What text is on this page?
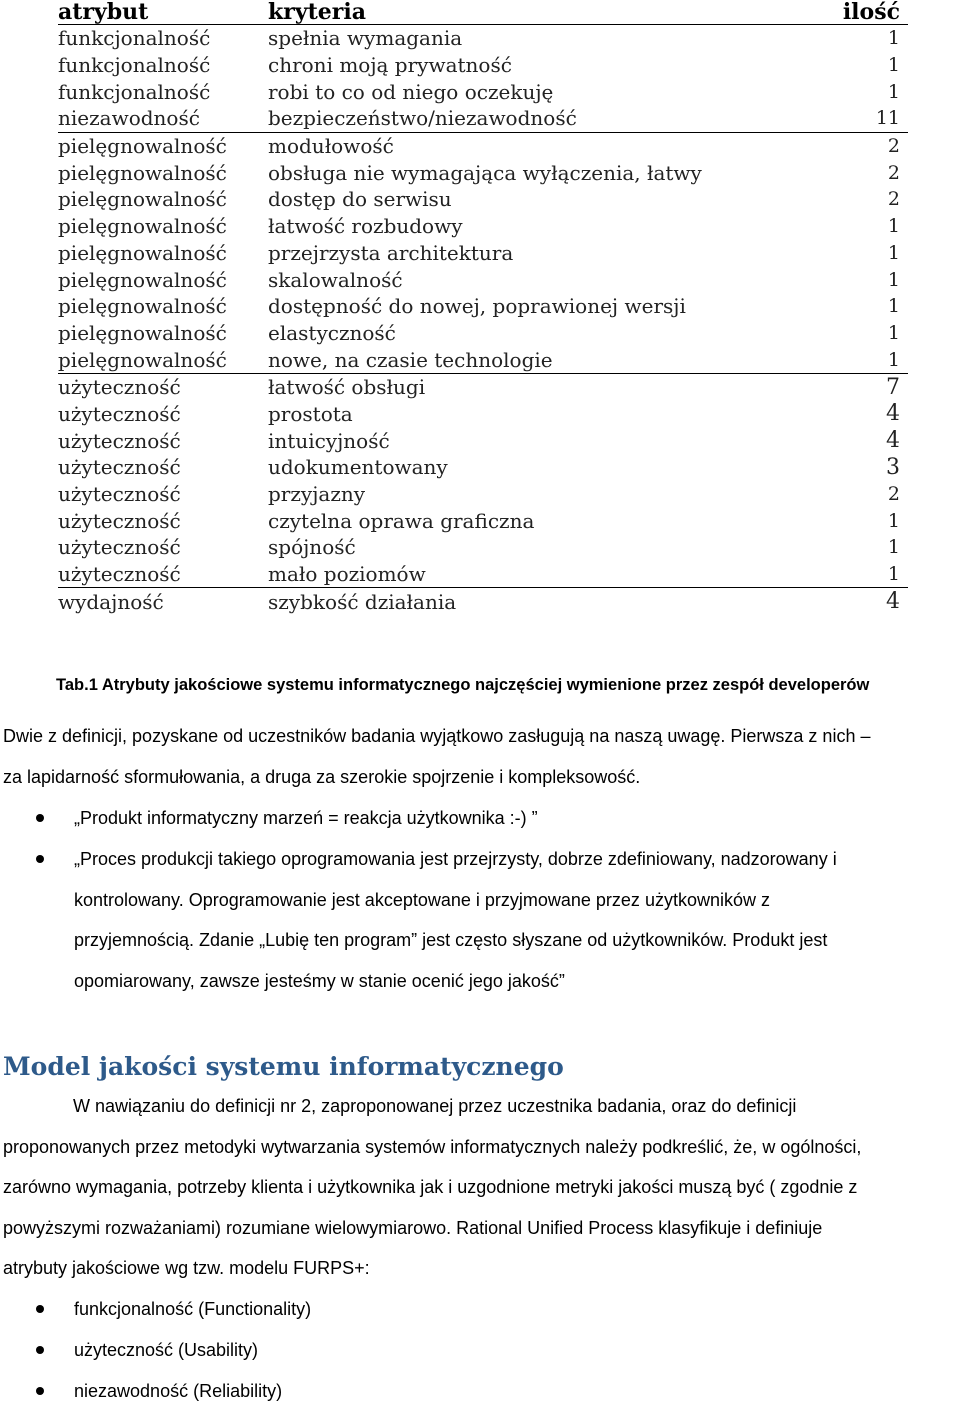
atrybut	kryteria	ilość
funkcjonalność	spełnia wymagania	1
funkcjonalność	chroni moją prywatność	1
funkcjonalność	robi to co od niego oczekuję	1
niezawodność	bezpieczeństwo/niezawodność	11
pielęgnowalność	modułowość	2
pielęgnowalność	obsługa nie wymagająca wyłączenia, łatwy	2
pielęgnowalność	dostęp do serwisu	2
pielęgnowalność	łatwość rozbudowy	1
pielęgnowalność	przejrzysta architektura	1
pielęgnowalność	skalowalność	1
pielęgnowalność	dostępność do nowej, poprawionej wersji	1
pielęgnowalność	elastyczność	1
pielęgnowalność	nowe, na czasie technologie	1
użyteczność	łatwość obsługi	7
użyteczność	prostota	4
użyteczność	intuicyjność	4
użyteczność	udokumentowany	3
użyteczność	przyjazny	2
użyteczność	czytelna oprawa graficzna	1
użyteczność	spójność	1
użyteczność	mało poziomów	1
wydajność	szybkość działania	4
Tab.1 Atrybuty jakościowe systemu informatycznego najczęściej wymienione przez zespół developerów
Dwie z definicji, pozyskane od uczestników badania wyjątkowo zasługują na naszą uwagę. Pierwsza z nich –
za lapidarność sformułowania, a druga za szerokie spojrzenie i kompleksowość.
„Produkt informatyczny marzeń = reakcja użytkownika :-) ”
„Proces produkcji takiego oprogramowania jest przejrzysty, dobrze zdefiniowany, nadzorowany i
kontrolowany. Oprogramowanie jest akceptowane i przyjmowane przez użytkowników z
przyjemnością. Zdanie „Lubię ten program” jest często słyszane od użytkowników. Produkt jest
opomiarowany, zawsze jesteśmy w stanie ocenić jego jakość”
Model jakości systemu informatycznego
W nawiązaniu do definicji nr 2, zaproponowanej przez uczestnika badania, oraz do definicji
proponowanych przez metodyki wytwarzania systemów informatycznych należy podkreślić, że, w ogólności,
zarówno wymagania, potrzeby klienta i użytkownika jak i uzgodnione metryki jakości muszą być ( zgodnie z
powyższymi rozważaniami) rozumiane wielowymiarowo. Rational Unified Process klasyfikuje i definiuje
atrybuty jakościowe wg tzw. modelu FURPS+:
funkcjonalność (Functionality)
użyteczność (Usability)
niezawodność (Reliability)
